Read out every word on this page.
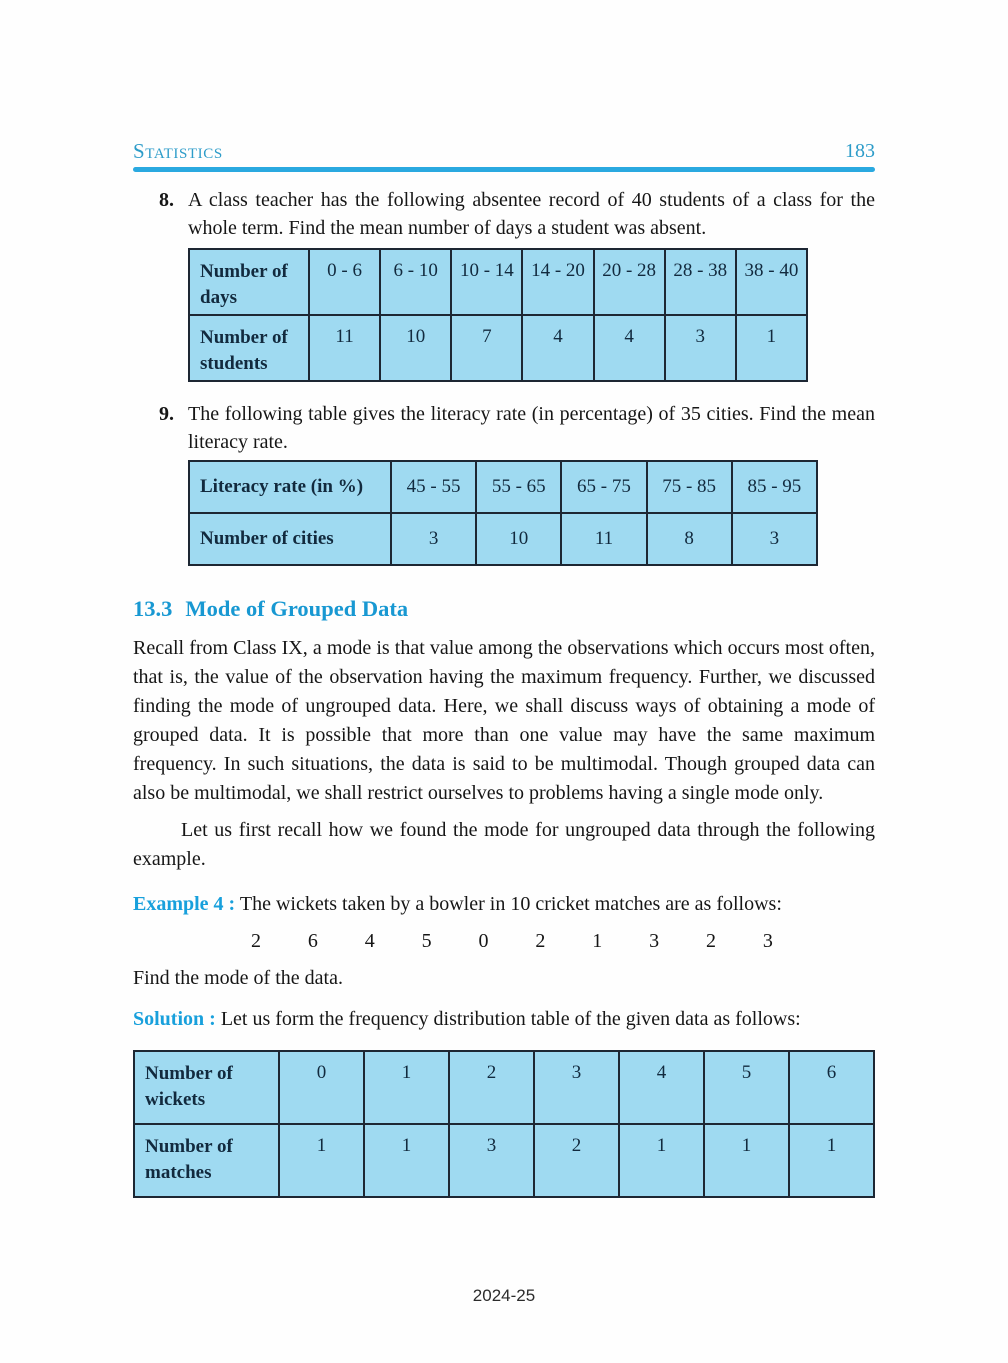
Statistics	183
8. A class teacher has the following absentee record of 40 students of a class for the whole term. Find the mean number of days a student was absent.
Number of days	0 - 6	6 - 10	10 - 14	14 - 20	20 - 28	28 - 38	38 - 40
Number of students	11	10	7	4	4	3	1
9. The following table gives the literacy rate (in percentage) of 35 cities. Find the mean literacy rate.
Literacy rate (in %)	45 - 55	55 - 65	65 - 75	75 - 85	85 - 95
Number of cities	3	10	11	8	3
13.3 Mode of Grouped Data
Recall from Class IX, a mode is that value among the observations which occurs most often, that is, the value of the observation having the maximum frequency. Further, we discussed finding the mode of ungrouped data. Here, we shall discuss ways of obtaining a mode of grouped data. It is possible that more than one value may have the same maximum frequency. In such situations, the data is said to be multimodal. Though grouped data can also be multimodal, we shall restrict ourselves to problems having a single mode only.
Let us first recall how we found the mode for ungrouped data through the following example.
Example 4 : The wickets taken by a bowler in 10 cricket matches are as follows:
2 6 4 5 0 2 1 3 2 3
Find the mode of the data.
Solution : Let us form the frequency distribution table of the given data as follows:
Number of wickets	0	1	2	3	4	5	6
Number of matches	1	1	3	2	1	1	1
2024-25
